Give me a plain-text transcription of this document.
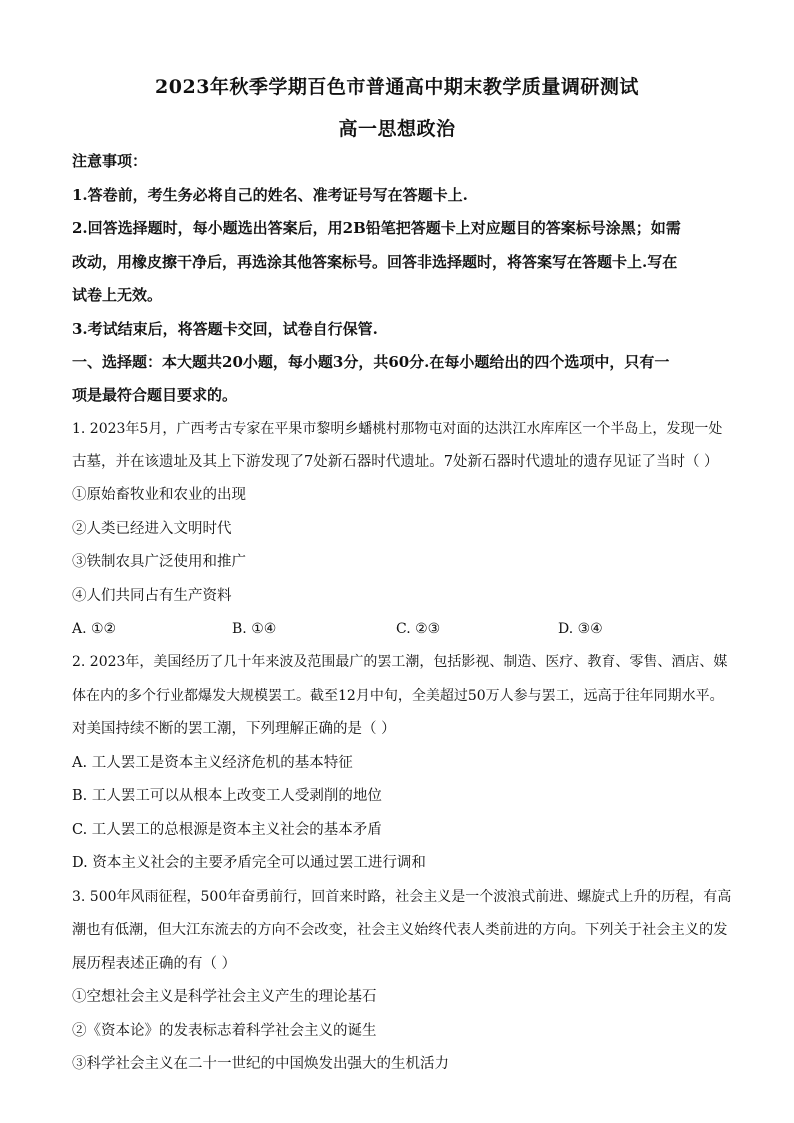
2023年秋季学期百色市普通高中期末教学质量调研测试
高一思想政治
注意事项：
1.答卷前，考生务必将自己的姓名、准考证号写在答题卡上.
2.回答选择题时，每小题选出答案后，用2B铅笔把答题卡上对应题目的答案标号涂黑；如需
改动，用橡皮擦干净后，再选涂其他答案标号。回答非选择题时，将答案写在答题卡上.写在
试卷上无效。
3.考试结束后，将答题卡交回，试卷自行保管.
一、选择题：本大题共20小题，每小题3分，共60分.在每小题给出的四个选项中，只有一
项是最符合题目要求的。
1. 2023年5月，广西考古专家在平果市黎明乡蟠桃村那物屯对面的达洪江水库库区一个半岛上，发现一处
古墓，并在该遗址及其上下游发现了7处新石器时代遗址。7处新石器时代遗址的遗存见证了当时（ ）
①原始畜牧业和农业的出现
②人类已经进入文明时代
③铁制农具广泛使用和推广
④人们共同占有生产资料
A. ①②	B. ①④	C. ②③	D. ③④
2. 2023年，美国经历了几十年来波及范围最广的罢工潮，包括影视、制造、医疗、教育、零售、酒店、媒
体在内的多个行业都爆发大规模罢工。截至12月中旬，全美超过50万人参与罢工，远高于往年同期水平。
对美国持续不断的罢工潮，下列理解正确的是（ ）
A. 工人罢工是资本主义经济危机的基本特征
B. 工人罢工可以从根本上改变工人受剥削的地位
C. 工人罢工的总根源是资本主义社会的基本矛盾
D. 资本主义社会的主要矛盾完全可以通过罢工进行调和
3. 500年风雨征程，500年奋勇前行，回首来时路，社会主义是一个波浪式前进、螺旋式上升的历程，有高
潮也有低潮，但大江东流去的方向不会改变，社会主义始终代表人类前进的方向。下列关于社会主义的发
展历程表述正确的有（ ）
①空想社会主义是科学社会主义产生的理论基石
②《资本论》的发表标志着科学社会主义的诞生
③科学社会主义在二十一世纪的中国焕发出强大的生机活力
